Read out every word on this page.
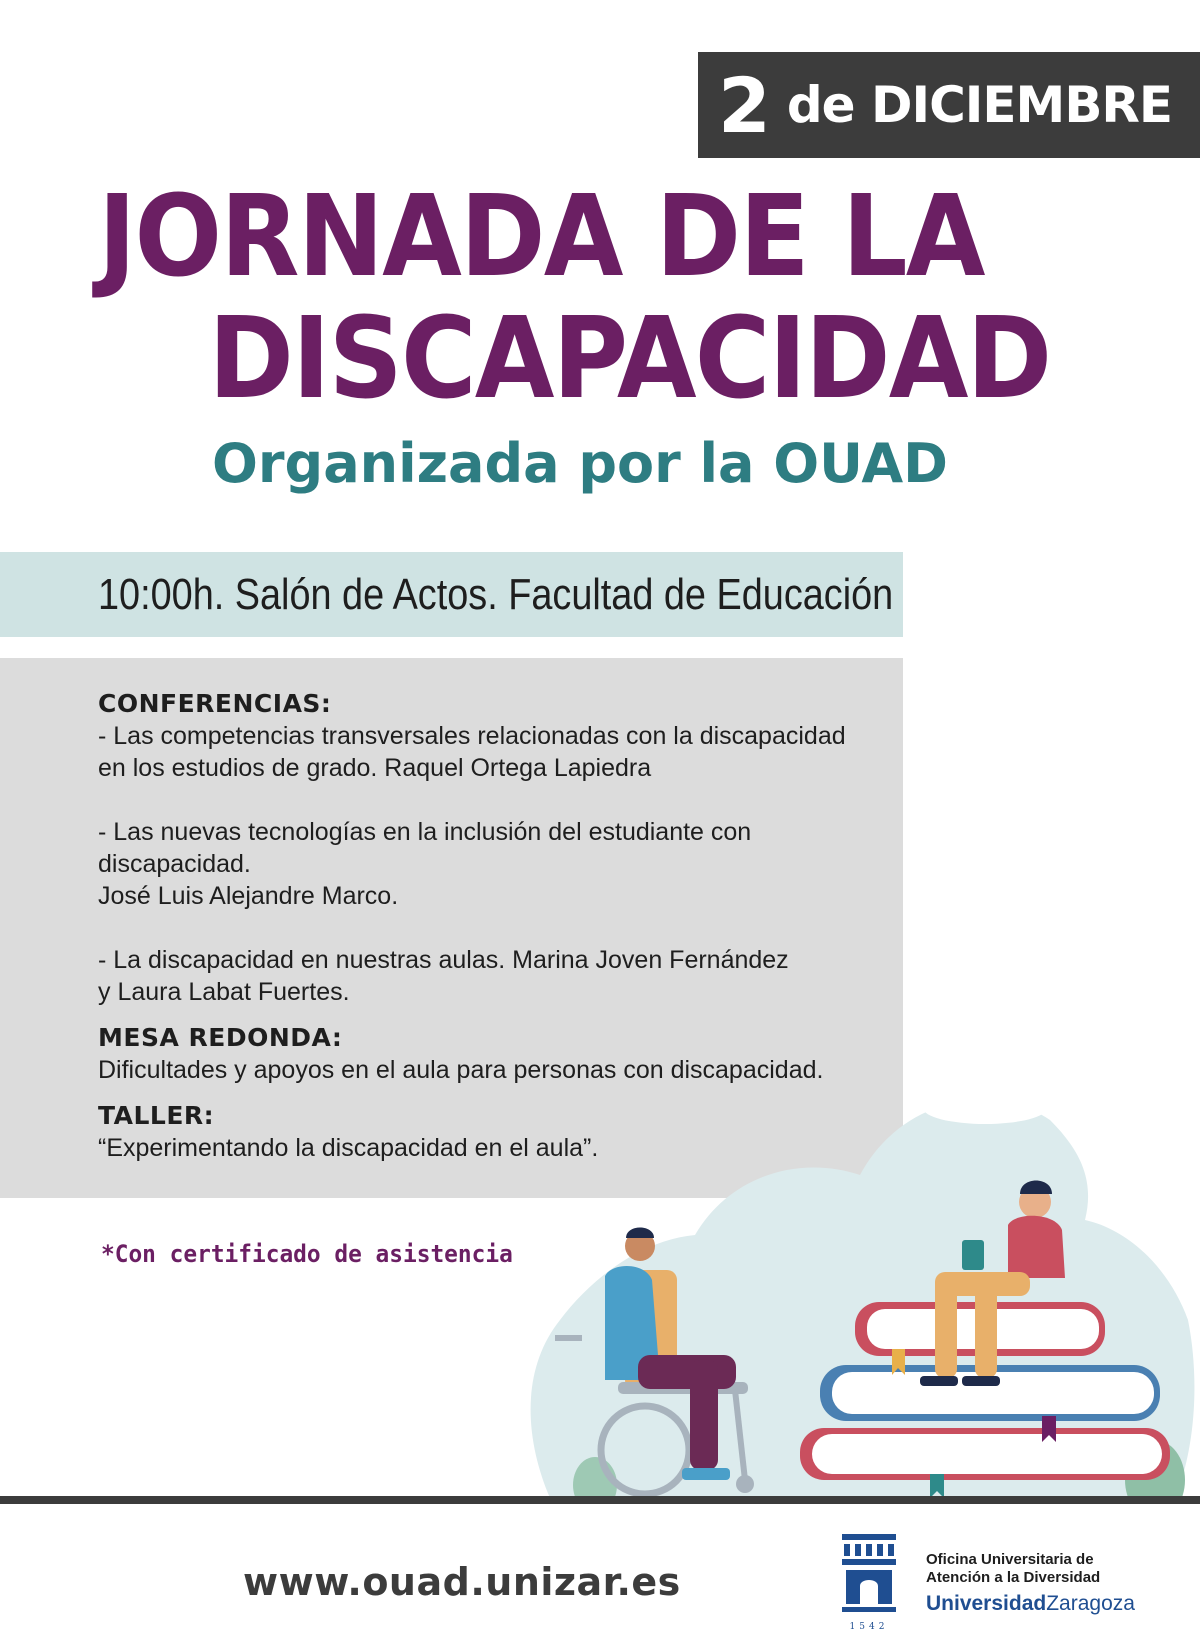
2 de DICIEMBRE
JORNADA DE LA
DISCAPACIDAD
Organizada por la OUAD
10:00h. Salón de Actos. Facultad de Educación
CONFERENCIAS:
- Las competencias transversales relacionadas con la discapacidad
en los estudios de grado. Raquel Ortega Lapiedra
- Las nuevas tecnologías en la inclusión del estudiante con discapacidad.
José Luis Alejandre Marco.
- La discapacidad en nuestras aulas. Marina Joven Fernández
y Laura Labat Fuertes.
MESA REDONDA:
Dificultades y apoyos en el aula para personas con discapacidad.
TALLER:
“Experimentando la discapacidad en el aula”.
*Con certificado de asistencia
www.ouad.unizar.es
1542
Oficina Universitaria de
Atención a la Diversidad
UniversidadZaragoza
